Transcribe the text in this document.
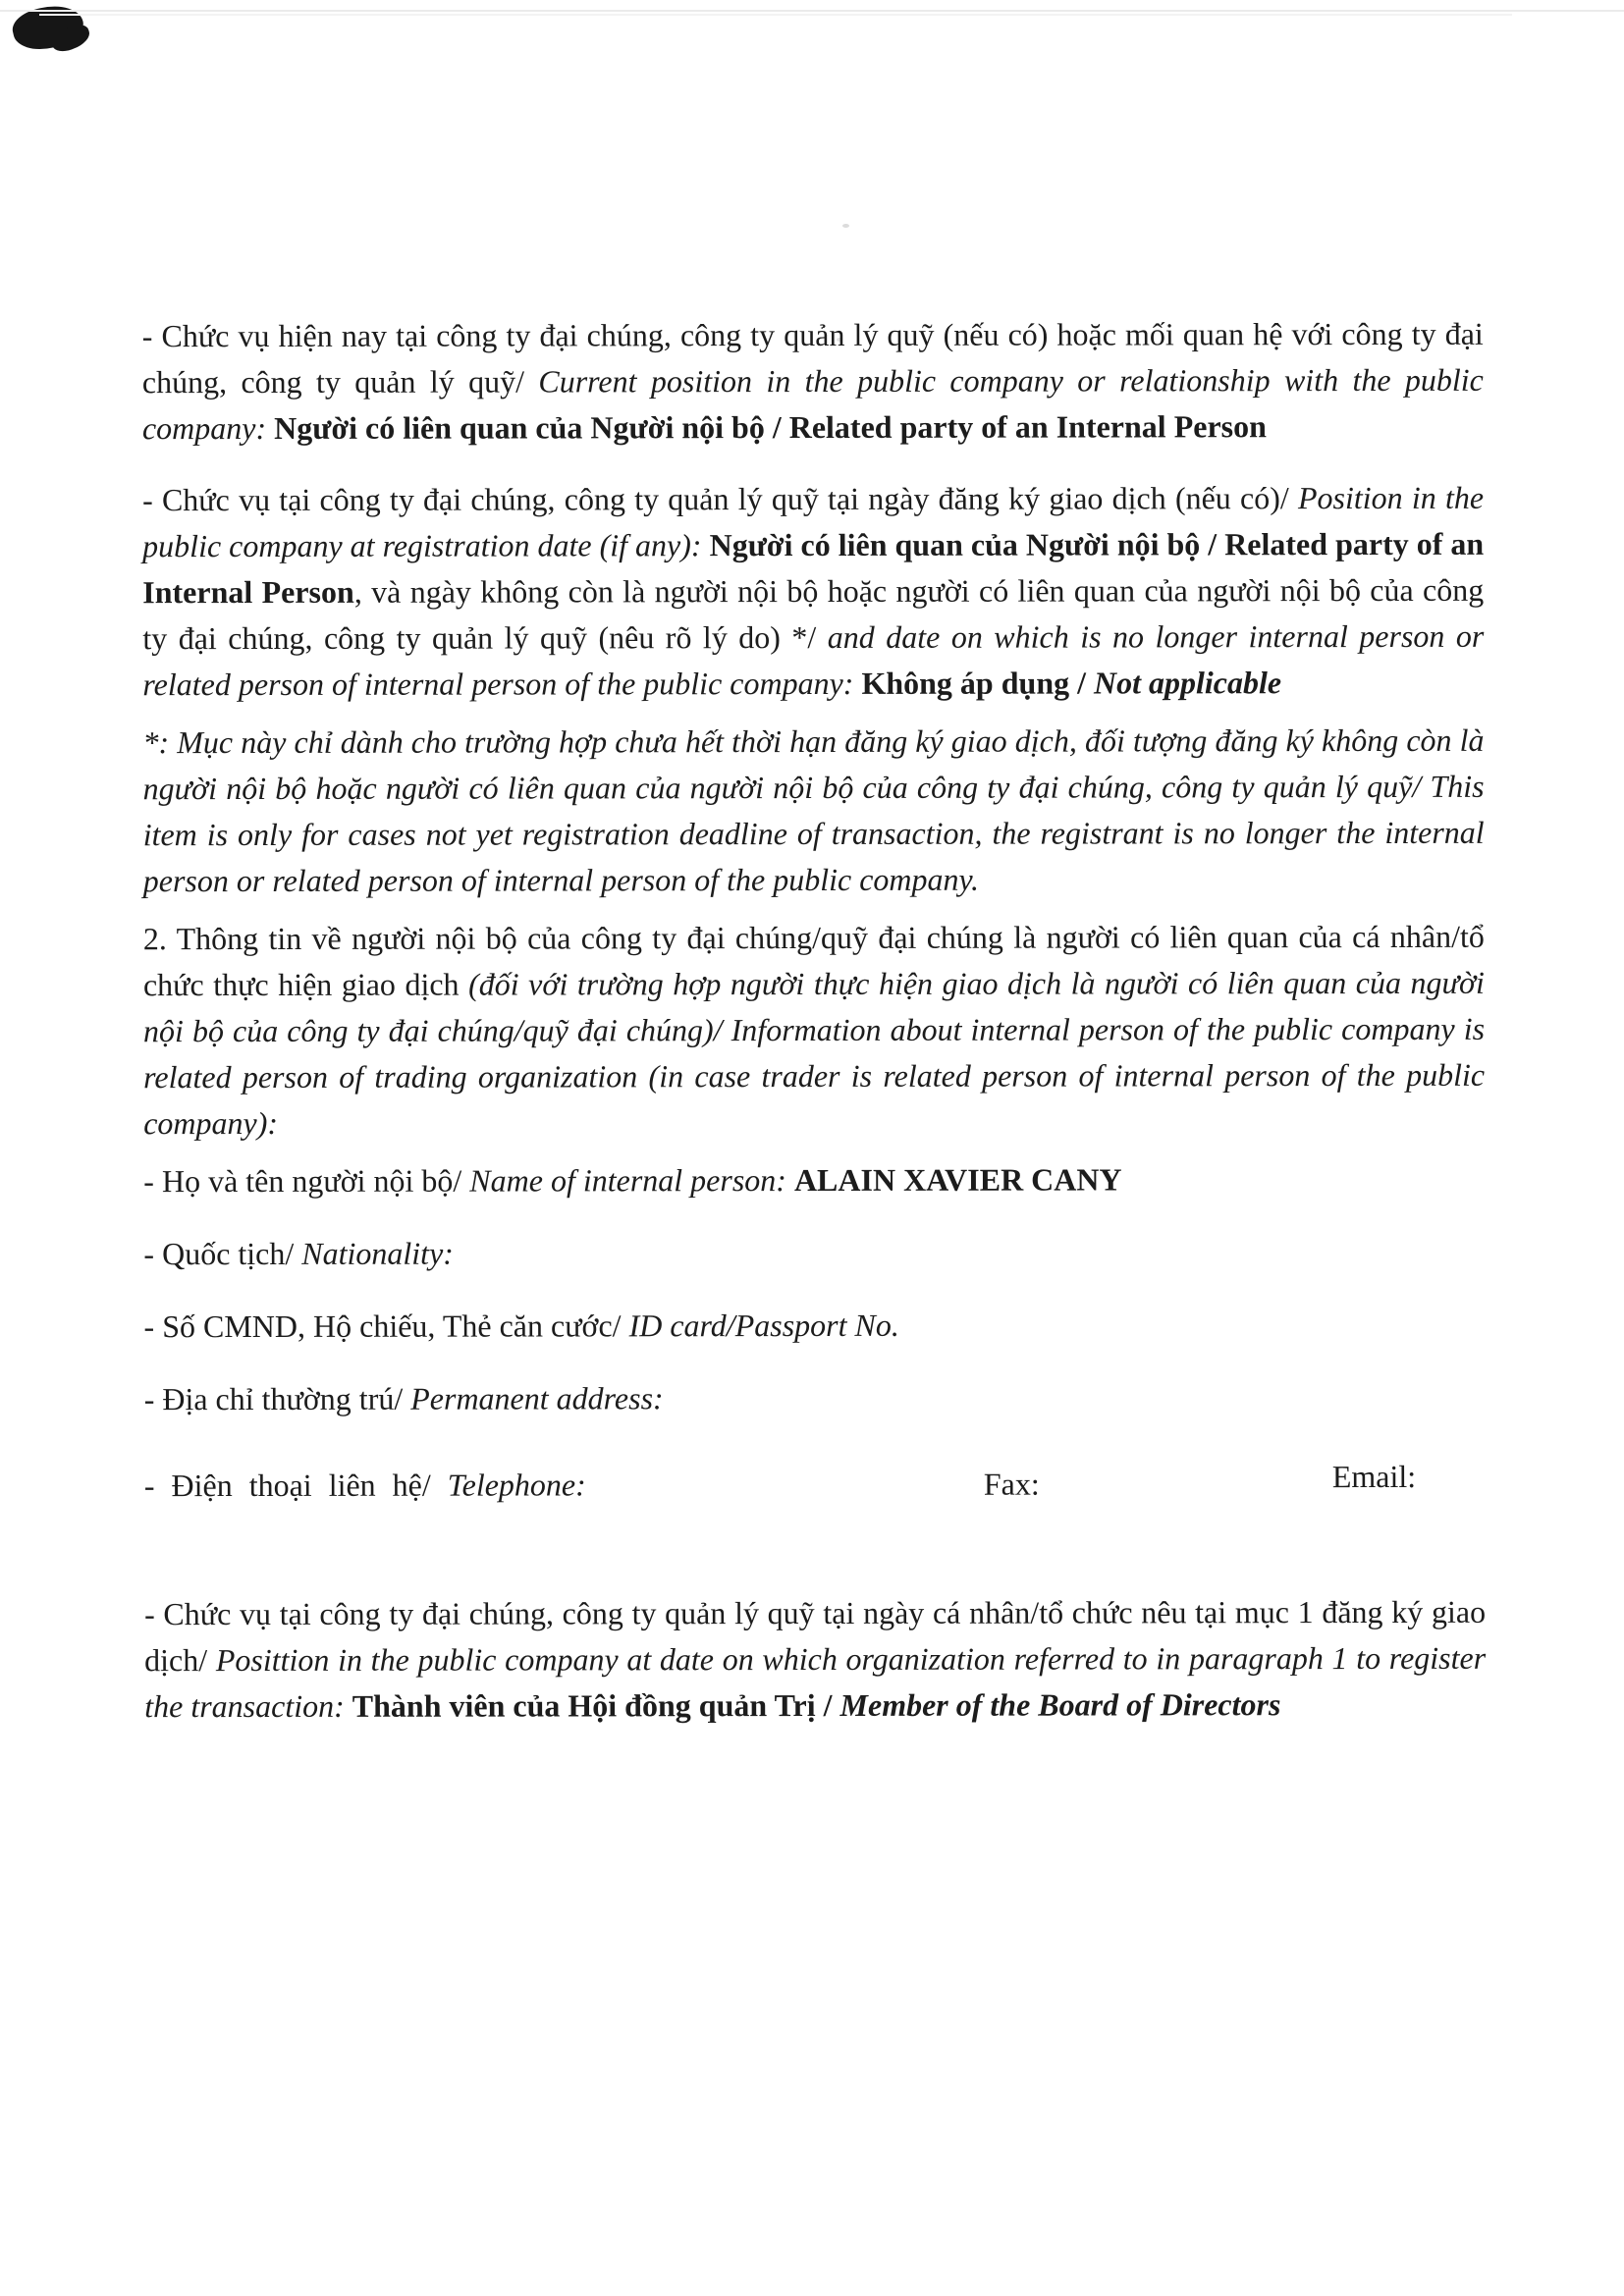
- Chức vụ hiện nay tại công ty đại chúng, công ty quản lý quỹ (nếu có) hoặc mối quan hệ với công ty đại chúng, công ty quản lý quỹ/ Current position in the public company or relationship with the public company: Người có liên quan của Người nội bộ / Related party of an Internal Person
- Chức vụ tại công ty đại chúng, công ty quản lý quỹ tại ngày đăng ký giao dịch (nếu có)/ Position in the public company at registration date (if any): Người có liên quan của Người nội bộ / Related party of an Internal Person, và ngày không còn là người nội bộ hoặc người có liên quan của người nội bộ của công ty đại chúng, công ty quản lý quỹ (nêu rõ lý do) */ and date on which is no longer internal person or related person of internal person of the public company: Không áp dụng / Not applicable
*: Mục này chỉ dành cho trường hợp chưa hết thời hạn đăng ký giao dịch, đối tượng đăng ký không còn là người nội bộ hoặc người có liên quan của người nội bộ của công ty đại chúng, công ty quản lý quỹ/ This item is only for cases not yet registration deadline of transaction, the registrant is no longer the internal person or related person of internal person of the public company.
2. Thông tin về người nội bộ của công ty đại chúng/quỹ đại chúng là người có liên quan của cá nhân/tổ chức thực hiện giao dịch (đối với trường hợp người thực hiện giao dịch là người có liên quan của người nội bộ của công ty đại chúng/quỹ đại chúng)/ Information about internal person of the public company is related person of trading organization (in case trader is related person of internal person of the public company):
- Họ và tên người nội bộ/ Name of internal person: ALAIN XAVIER CANY
- Quốc tịch/ Nationality:
- Số CMND, Hộ chiếu, Thẻ căn cước/ ID card/Passport No.
- Địa chỉ thường trú/ Permanent address:
- Điện thoại liên hệ/ Telephone:	Fax:	Email:
- Chức vụ tại công ty đại chúng, công ty quản lý quỹ tại ngày cá nhân/tổ chức nêu tại mục 1 đăng ký giao dịch/ Posittion in the public company at date on which organization referred to in paragraph 1 to register the transaction: Thành viên của Hội đồng quản Trị / Member of the Board of Directors
